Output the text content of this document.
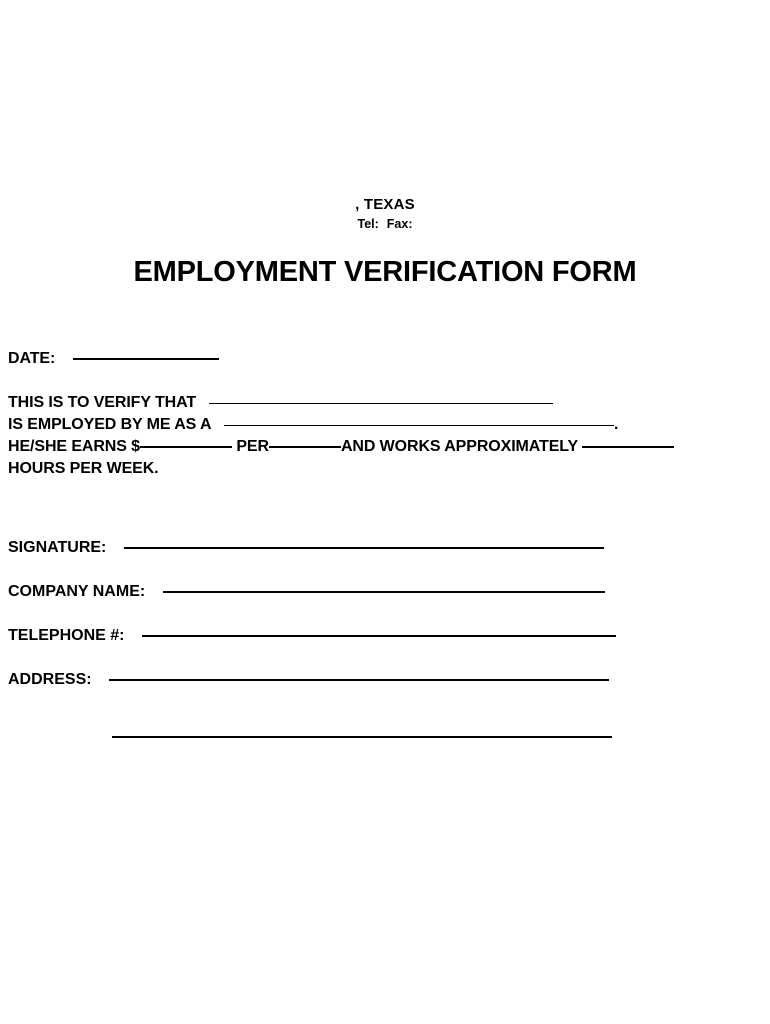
, TEXAS
Tel: Fax:
EMPLOYMENT VERIFICATION FORM
DATE:
THIS IS TO VERIFY THAT
IS EMPLOYED BY ME AS A	.
HE/SHE EARNS $	PER	AND WORKS APPROXIMATELY
HOURS PER WEEK.
SIGNATURE:
COMPANY NAME:
TELEPHONE #:
ADDRESS:
